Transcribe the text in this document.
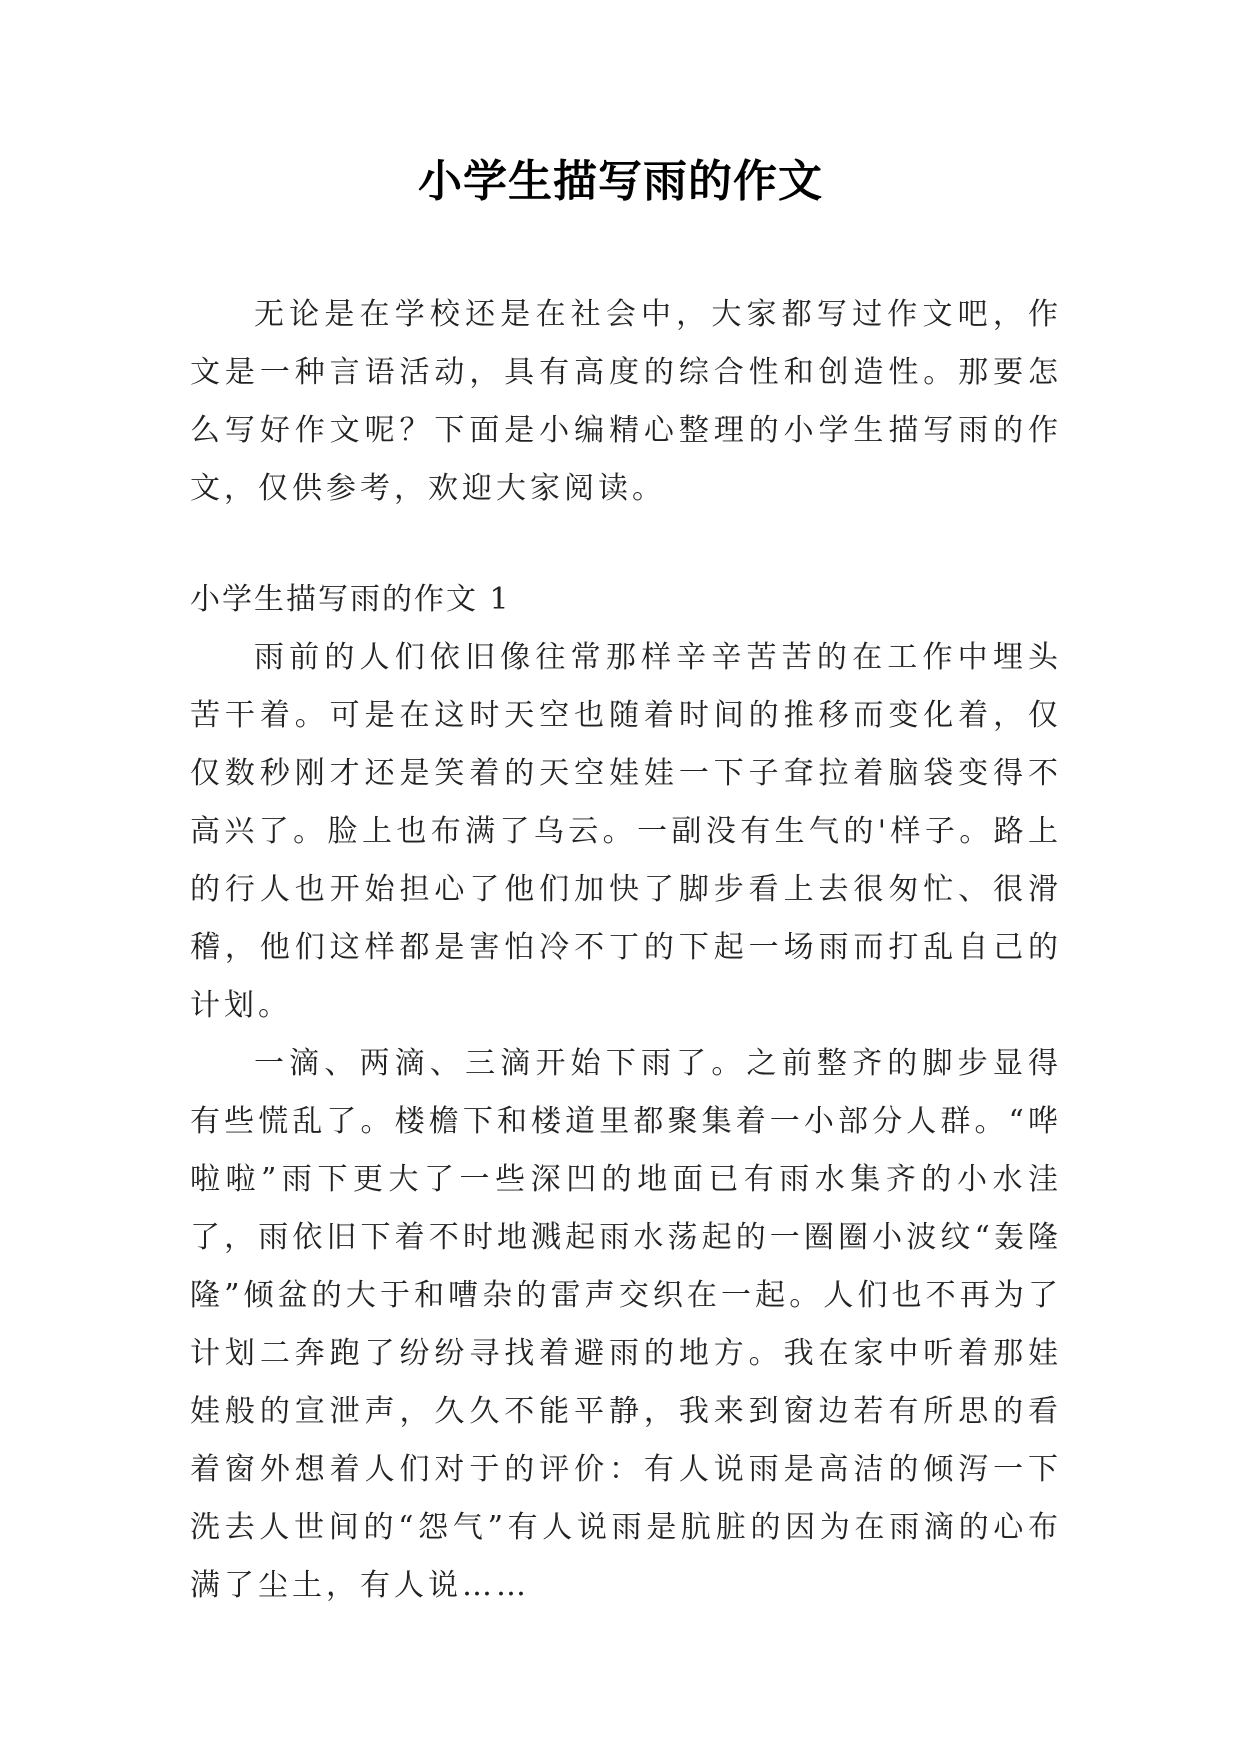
小学生描写雨的作文

无论是在学校还是在社会中，大家都写过作文吧，作文是一种言语活动，具有高度的综合性和创造性。那要怎么写好作文呢？下面是小编精心整理的小学生描写雨的作文，仅供参考，欢迎大家阅读。

小学生描写雨的作文 1

雨前的人们依旧像往常那样辛辛苦苦的在工作中埋头苦干着。可是在这时天空也随着时间的推移而变化着，仅仅数秒刚才还是笑着的天空娃娃一下子耷拉着脑袋变得不高兴了。脸上也布满了乌云。一副没有生气的'样子。路上的行人也开始担心了他们加快了脚步看上去很匆忙、很滑稽，他们这样都是害怕冷不丁的下起一场雨而打乱自己的计划。

一滴、两滴、三滴开始下雨了。之前整齐的脚步显得有些慌乱了。楼檐下和楼道里都聚集着一小部分人群。“哗啦啦”雨下更大了一些深凹的地面已有雨水集齐的小水洼了，雨依旧下着不时地溅起雨水荡起的一圈圈小波纹“轰隆隆”倾盆的大于和嘈杂的雷声交织在一起。人们也不再为了计划二奔跑了纷纷寻找着避雨的地方。我在家中听着那娃娃般的宣泄声，久久不能平静，我来到窗边若有所思的看着窗外想着人们对于的评价：有人说雨是高洁的倾泻一下洗去人世间的“怨气”有人说雨是肮脏的因为在雨滴的心布满了尘土，有人说……
